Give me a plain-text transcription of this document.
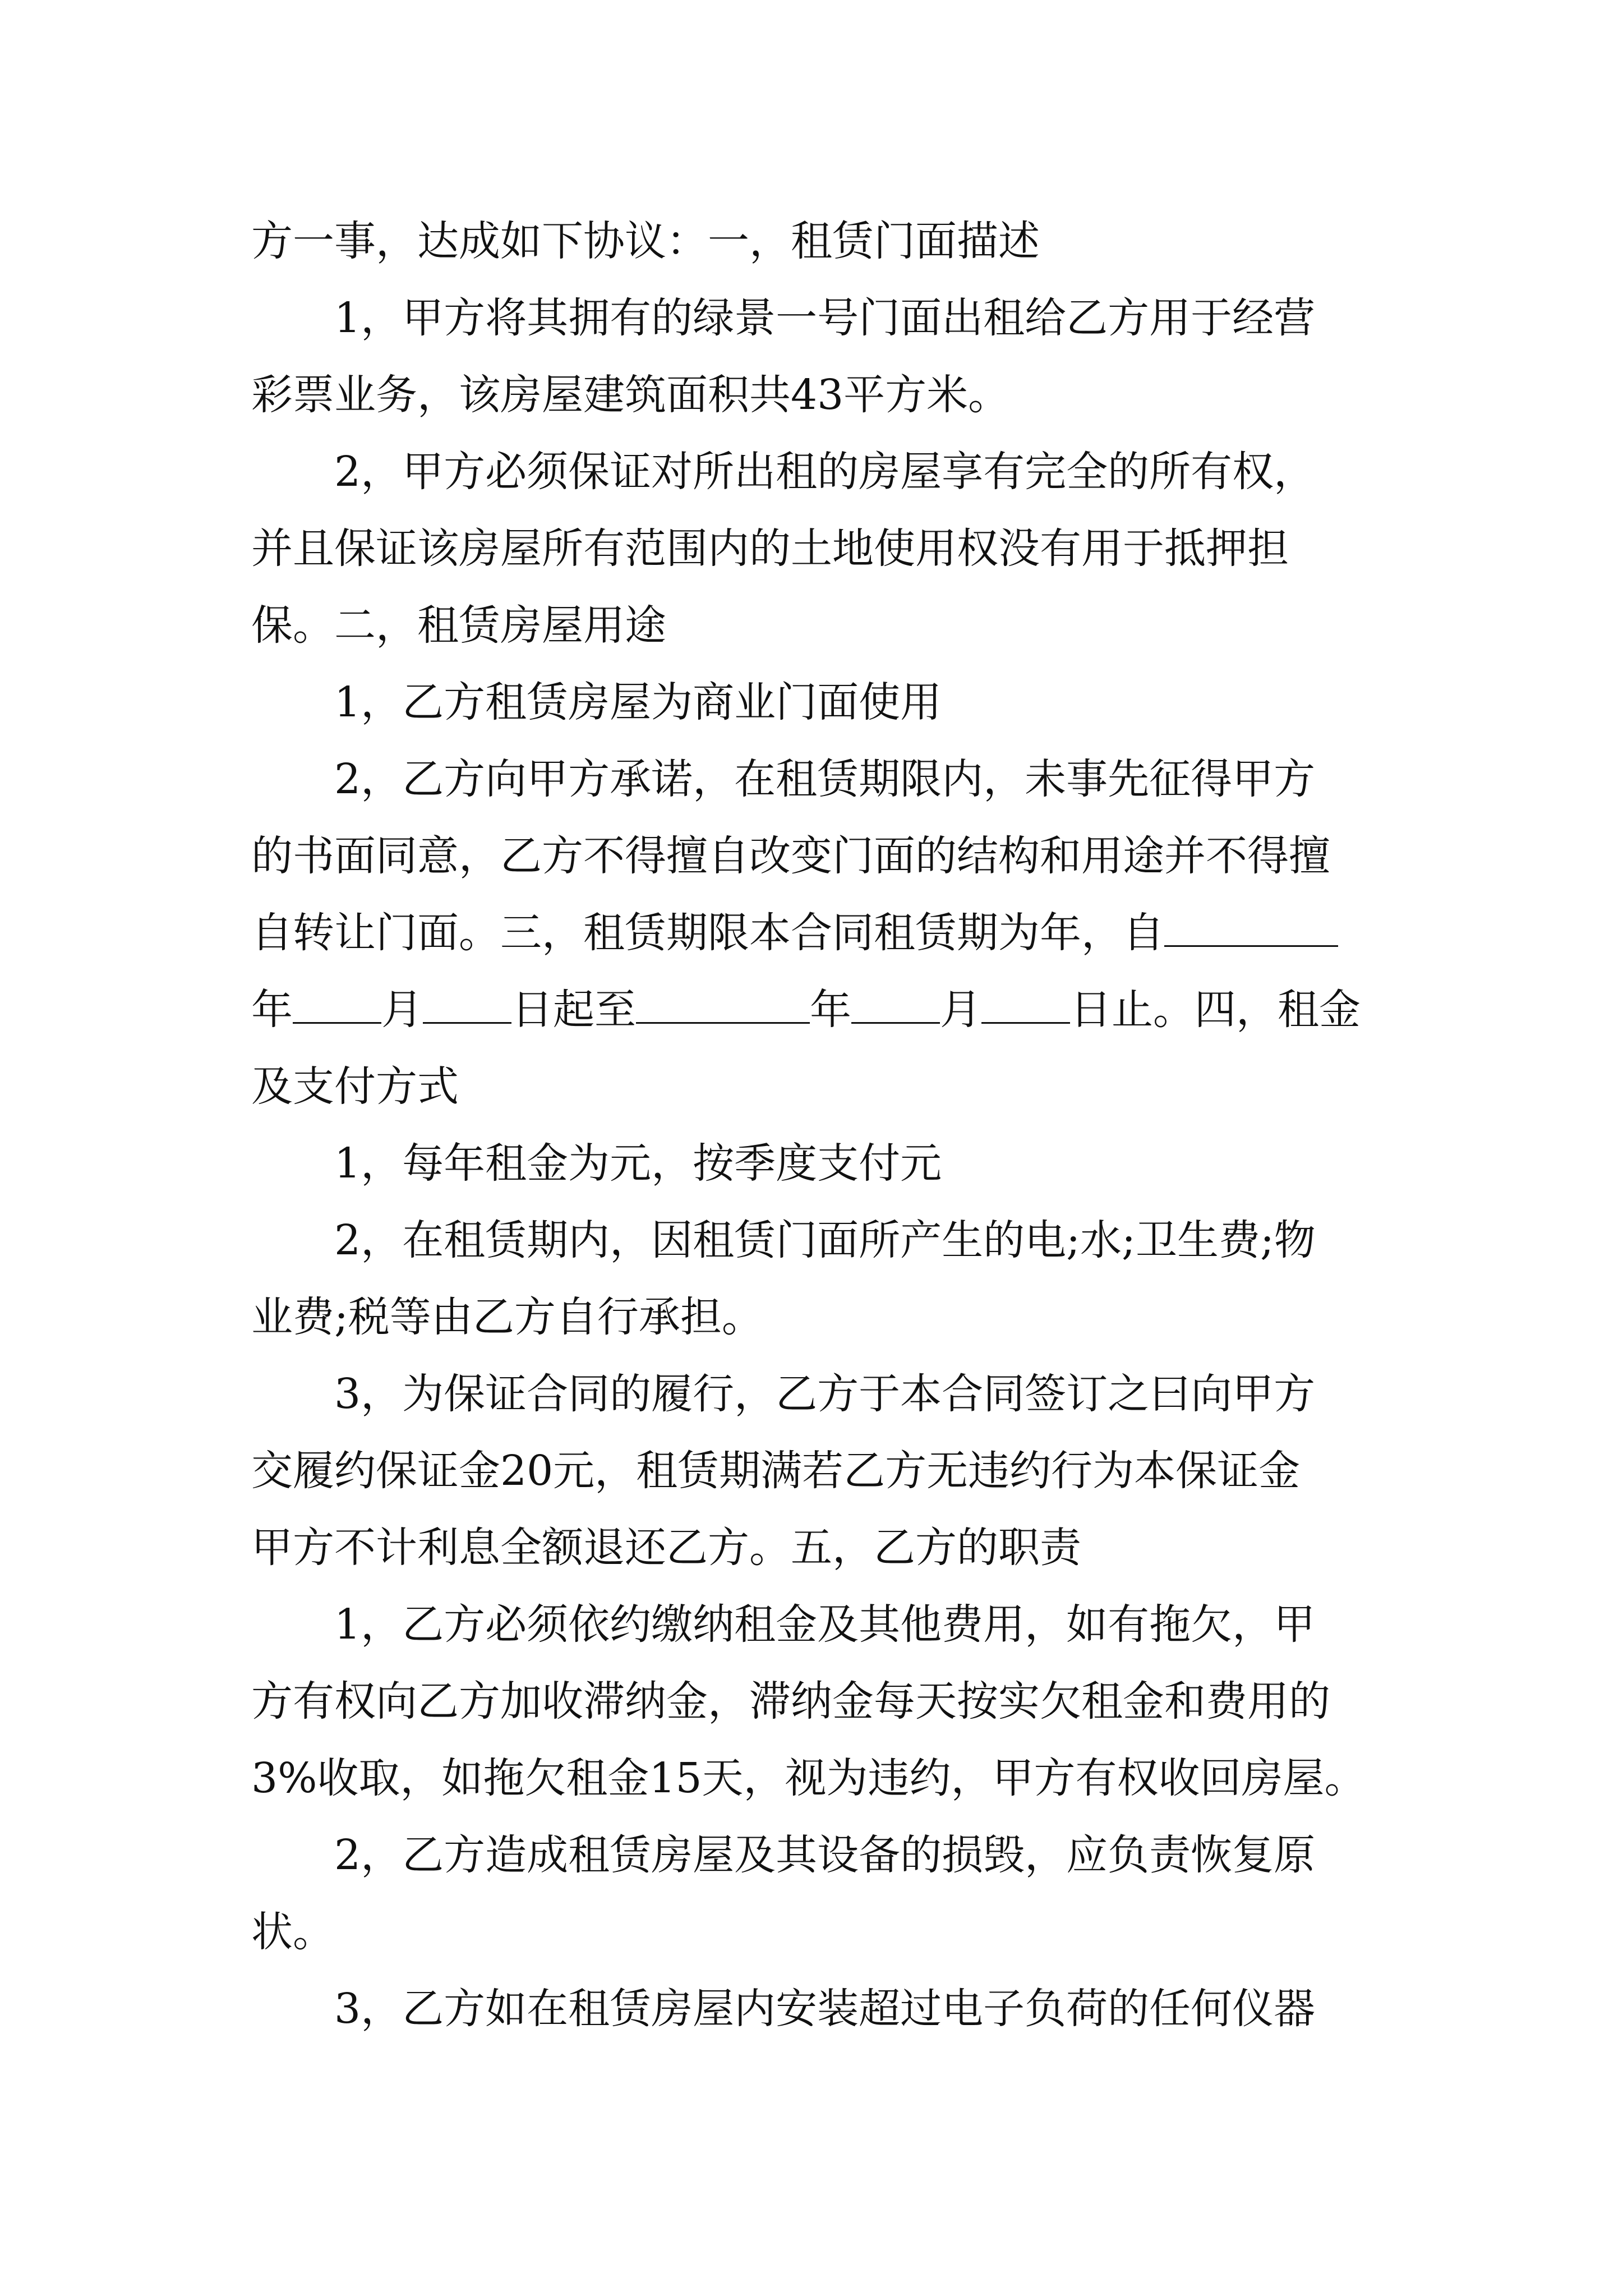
方一事，达成如下协议：一，租赁门面描述
1，甲方将其拥有的绿景一号门面出租给乙方用于经营
彩票业务，该房屋建筑面积共43平方米。
2，甲方必须保证对所出租的房屋享有完全的所有权，
并且保证该房屋所有范围内的土地使用权没有用于抵押担
保。二，租赁房屋用途
1，乙方租赁房屋为商业门面使用
2，乙方向甲方承诺，在租赁期限内，未事先征得甲方
的书面同意，乙方不得擅自改变门面的结构和用途并不得擅
自转让门面。三，租赁期限本合同租赁期为年，自
年 月 日起至	年 月 日止。四，租金
及支付方式
1，每年租金为元，按季度支付元
2，在租赁期内，因租赁门面所产生的电;水;卫生费;物
业费;税等由乙方自行承担。
3，为保证合同的履行，乙方于本合同签订之曰向甲方
交履约保证金20元，租赁期满若乙方无违约行为本保证金
甲方不计利息全额退还乙方。五，乙方的职责
1，乙方必须依约缴纳租金及其他费用，如有拖欠，甲
方有权向乙方加收滞纳金，滞纳金每天按实欠租金和费用的
3%收取，如拖欠租金15天，视为违约，甲方有权收回房屋。
2，乙方造成租赁房屋及其设备的损毁，应负责恢复原
状。
3，乙方如在租赁房屋内安装超过电子负荷的任何仪器
